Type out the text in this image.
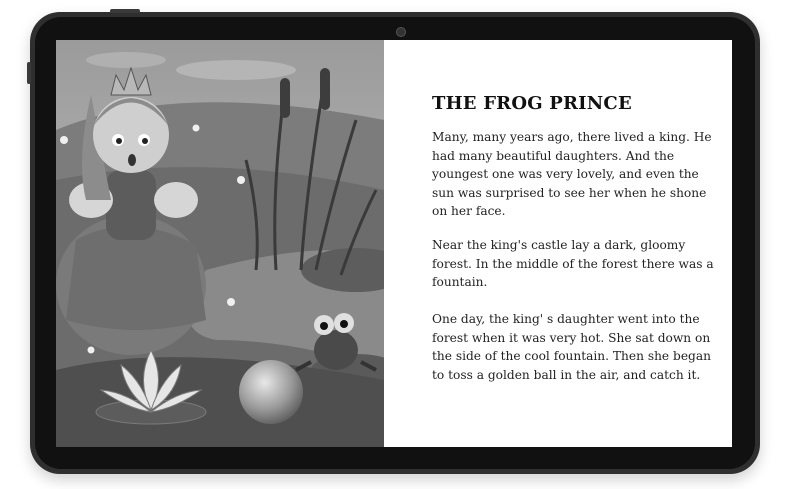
THE FROG PRINCE

Many, many years ago, there lived a king. He had many beautiful daughters. And the youngest one was very lovely, and even the sun was surprised to see her when he shone on her face.

Near the king's castle lay a dark, gloomy forest. In the middle of the forest there was a fountain.

One day, the king' s daughter went into the forest when it was very hot. She sat down on the side of the cool fountain. Then she began to toss a golden ball in the air, and catch it.
